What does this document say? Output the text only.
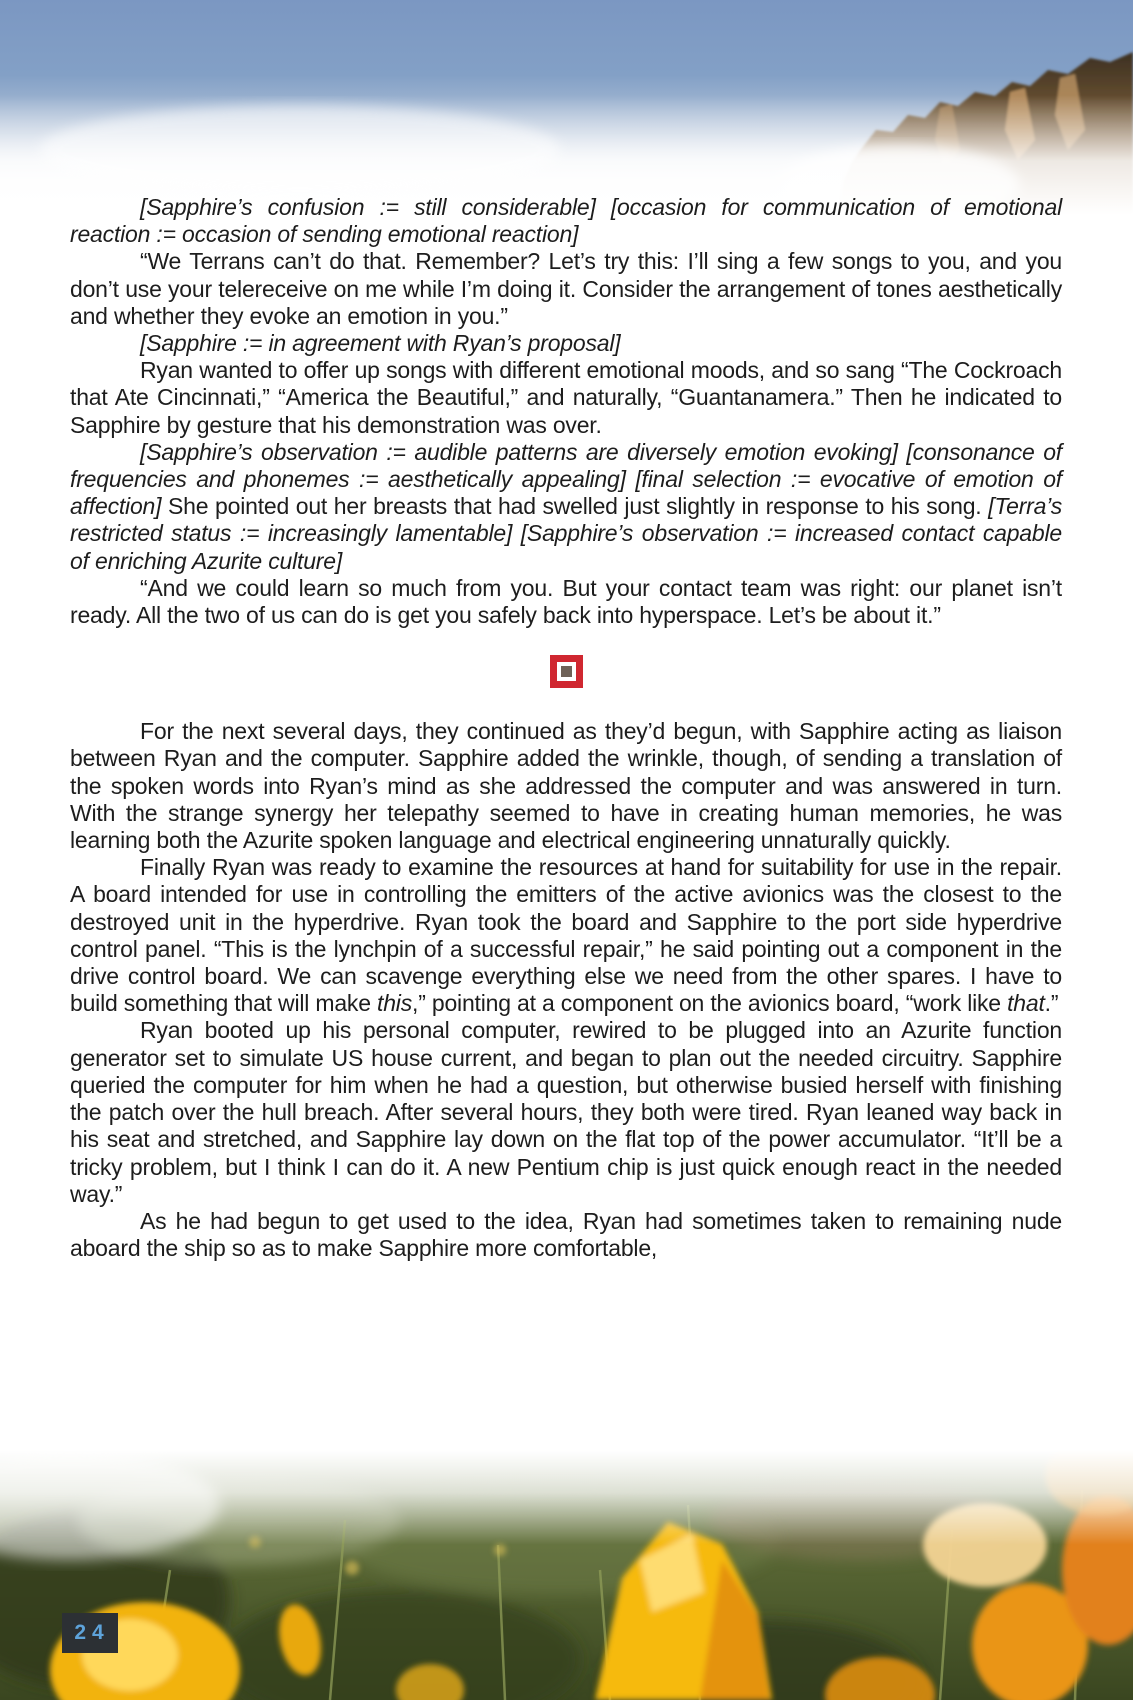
[Sapphire’s confusion := still considerable] [occasion for communication of emotional reaction := occasion of sending emotional reaction]

“We Terrans can’t do that. Remember? Let’s try this: I’ll sing a few songs to you, and you don’t use your telereceive on me while I’m doing it. Consider the arrangement of tones aesthetically and whether they evoke an emotion in you.”

[Sapphire := in agreement with Ryan’s proposal]

Ryan wanted to offer up songs with different emotional moods, and so sang “The Cockroach that Ate Cincinnati,” “America the Beautiful,” and naturally, “Guantanamera.” Then he indicated to Sapphire by gesture that his demonstration was over.

[Sapphire’s observation := audible patterns are diversely emotion evoking] [consonance of frequencies and phonemes := aesthetically appealing] [final selection := evocative of emotion of affection] She pointed out her breasts that had swelled just slightly in response to his song. [Terra’s restricted status := increasingly lamentable] [Sapphire’s observation := increased contact capable of enriching Azurite culture]

“And we could learn so much from you. But your contact team was right: our planet isn’t ready. All the two of us can do is get you safely back into hyperspace. Let’s be about it.”

For the next several days, they continued as they’d begun, with Sapphire acting as liaison between Ryan and the computer. Sapphire added the wrinkle, though, of sending a translation of the spoken words into Ryan’s mind as she addressed the computer and was answered in turn. With the strange synergy her telepathy seemed to have in creating human memories, he was learning both the Azurite spoken language and electrical engineering unnaturally quickly.

Finally Ryan was ready to examine the resources at hand for suitability for use in the repair. A board intended for use in controlling the emitters of the active avionics was the closest to the destroyed unit in the hyperdrive. Ryan took the board and Sapphire to the port side hyperdrive control panel. “This is the lynchpin of a successful repair,” he said pointing out a component in the drive control board. We can scavenge everything else we need from the other spares. I have to build something that will make this,” pointing at a component on the avionics board, “work like that.”

Ryan booted up his personal computer, rewired to be plugged into an Azurite function generator set to simulate US house current, and began to plan out the needed circuitry. Sapphire queried the computer for him when he had a question, but otherwise busied herself with finishing the patch over the hull breach. After several hours, they both were tired. Ryan leaned way back in his seat and stretched, and Sapphire lay down on the flat top of the power accumulator. “It’ll be a tricky problem, but I think I can do it. A new Pentium chip is just quick enough react in the needed way.”

As he had begun to get used to the idea, Ryan had sometimes taken to remaining nude aboard the ship so as to make Sapphire more comfortable,

24
